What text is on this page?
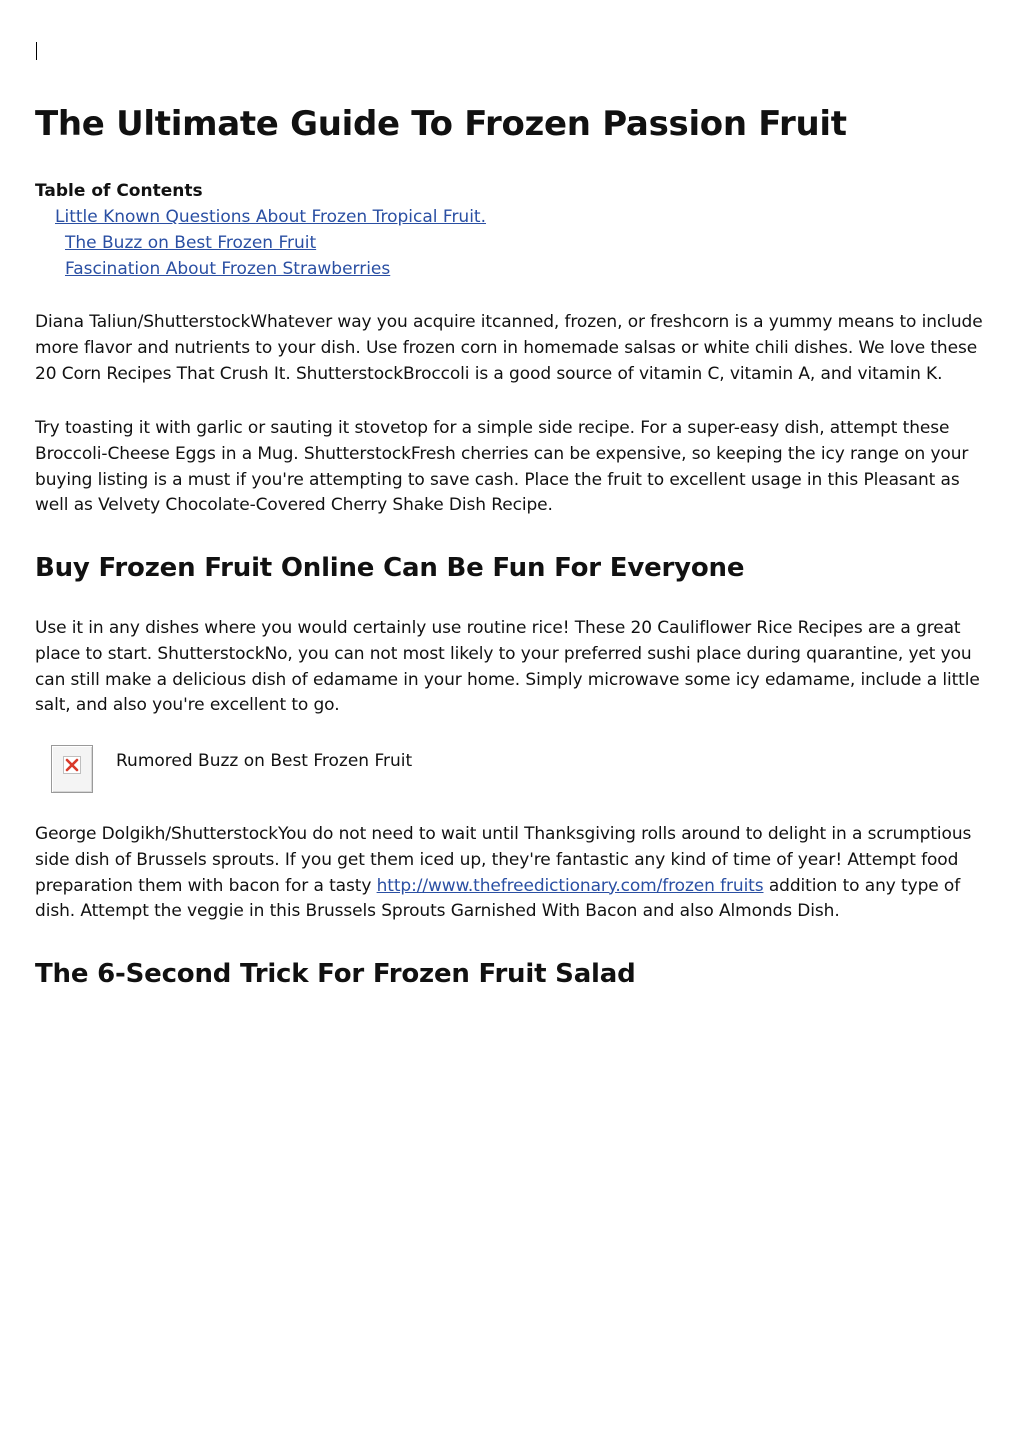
The Ultimate Guide To Frozen Passion Fruit
Table of Contents
Little Known Questions About Frozen Tropical Fruit.
The Buzz on Best Frozen Fruit
Fascination About Frozen Strawberries

Diana Taliun/ShutterstockWhatever way you acquire itcanned, frozen, or freshcorn is a yummy means to include more flavor and nutrients to your dish. Use frozen corn in homemade salsas or white chili dishes. We love these 20 Corn Recipes That Crush It. ShutterstockBroccoli is a good source of vitamin C, vitamin A, and vitamin K.

Try toasting it with garlic or sauting it stovetop for a simple side recipe. For a super-easy dish, attempt these Broccoli-Cheese Eggs in a Mug. ShutterstockFresh cherries can be expensive, so keeping the icy range on your buying listing is a must if you're attempting to save cash. Place the fruit to excellent usage in this Pleasant as well as Velvety Chocolate-Covered Cherry Shake Dish Recipe.

Buy Frozen Fruit Online Can Be Fun For Everyone

Use it in any dishes where you would certainly use routine rice! These 20 Cauliflower Rice Recipes are a great place to start. ShutterstockNo, you can not most likely to your preferred sushi place during quarantine, yet you can still make a delicious dish of edamame in your home. Simply microwave some icy edamame, include a little salt, and also you're excellent to go.

Rumored Buzz on Best Frozen Fruit

George Dolgikh/ShutterstockYou do not need to wait until Thanksgiving rolls around to delight in a scrumptious side dish of Brussels sprouts. If you get them iced up, they're fantastic any kind of time of year! Attempt food preparation them with bacon for a tasty http://www.thefreedictionary.com/frozen fruits addition to any type of dish. Attempt the veggie in this Brussels Sprouts Garnished With Bacon and also Almonds Dish.

The 6-Second Trick For Frozen Fruit Salad
